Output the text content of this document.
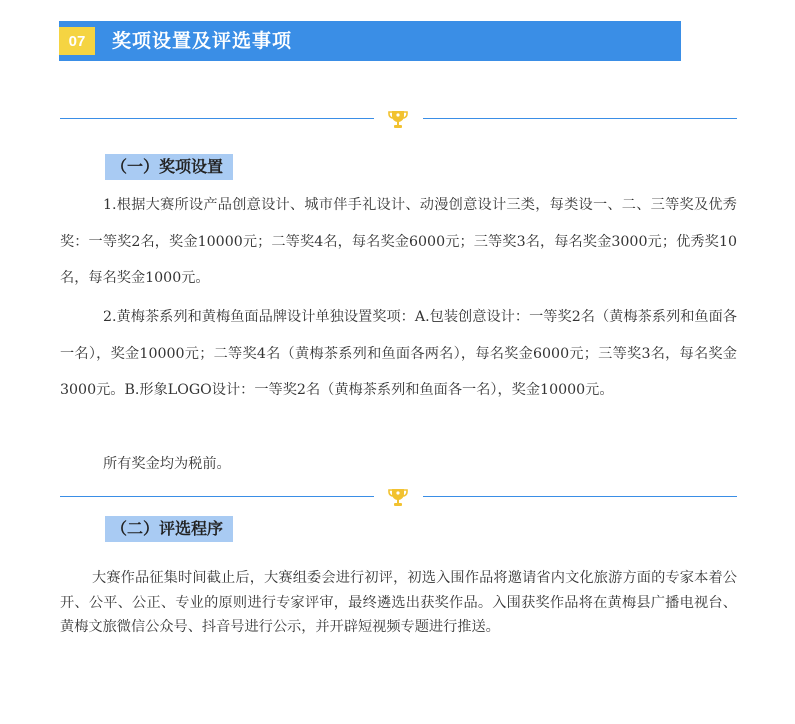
07	奖项设置及评选事项
（一）奖项设置

1.根据大赛所设产品创意设计、城市伴手礼设计、动漫创意设计三类，每类设一、二、三等奖及优秀奖：一等奖2名，奖金10000元；二等奖4名，每名奖金6000元；三等奖3名，每名奖金3000元；优秀奖10名，每名奖金1000元。

2.黄梅茶系列和黄梅鱼面品牌设计单独设置奖项：A.包装创意设计：一等奖2名（黄梅茶系列和鱼面各一名），奖金10000元；二等奖4名（黄梅茶系列和鱼面各两名），每名奖金6000元；三等奖3名，每名奖金3000元。B.形象LOGO设计：一等奖2名（黄梅茶系列和鱼面各一名），奖金10000元。

所有奖金均为税前。

（二）评选程序

大赛作品征集时间截止后，大赛组委会进行初评，初选入围作品将邀请省内文化旅游方面的专家本着公开、公平、公正、专业的原则进行专家评审，最终遴选出获奖作品。入围获奖作品将在黄梅县广播电视台、黄梅文旅微信公众号、抖音号进行公示，并开辟短视频专题进行推送。
